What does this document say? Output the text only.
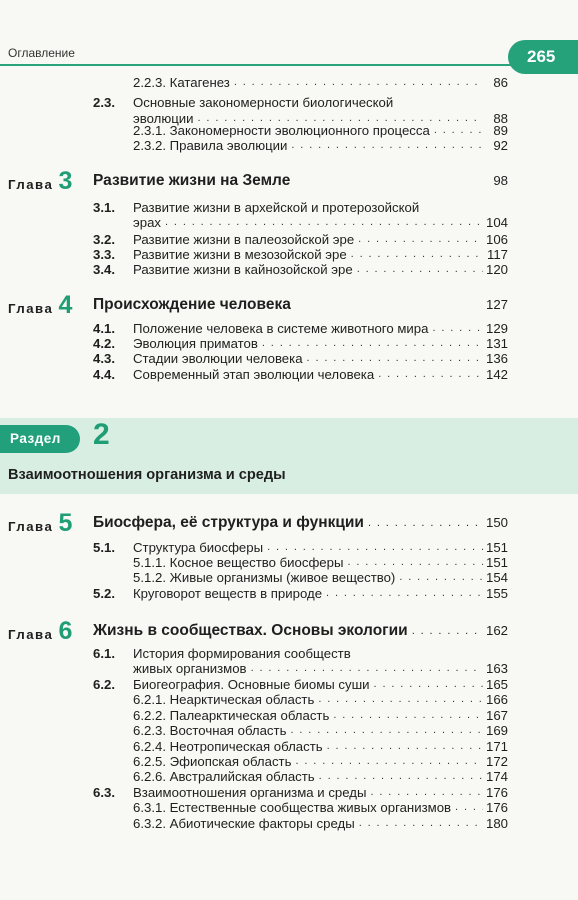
Оглавление	265
2.2.3. Катагенез . . .	86
2.3. Основные закономерности биологической
эволюции . . .	88
2.3.1. Закономерности эволюционного процесса . . .	89
2.3.2. Правила эволюции . . .	92
Глава 3 Развитие жизни на Земле	98
3.1. Развитие жизни в архейской и протерозойской
эрах . . .	104
3.2. Развитие жизни в палеозойской эре . . .	106
3.3. Развитие жизни в мезозойской эре . . .	117
3.4. Развитие жизни в кайнозойской эре . . .	120
Глава 4 Происхождение человека	127
4.1. Положение человека в системе животного мира . . .	129
4.2. Эволюция приматов . . .	131
4.3. Стадии эволюции человека . . .	136
4.4. Современный этап эволюции человека . . .	142
Раздел 2
Взаимоотношения организма и среды
Глава 5 Биосфера, её структура и функции . . .	150
5.1. Структура биосферы . . .	151
5.1.1. Косное вещество биосферы . . .	151
5.1.2. Живые организмы (живое вещество) . . .	154
5.2. Круговорот веществ в природе . . .	155
Глава 6 Жизнь в сообществах. Основы экологии . . .	162
6.1. История формирования сообществ
живых организмов . . .	163
6.2. Биогеография. Основные биомы суши . . .	165
6.2.1. Неарктическая область . . .	166
6.2.2. Палеарктическая область . . .	167
6.2.3. Восточная область . . .	169
6.2.4. Неотропическая область . . .	171
6.2.5. Эфиопская область . . .	172
6.2.6. Австралийская область . . .	174
6.3. Взаимоотношения организма и среды . . .	176
6.3.1. Естественные сообщества живых организмов . . .	176
6.3.2. Абиотические факторы среды . . .	180
